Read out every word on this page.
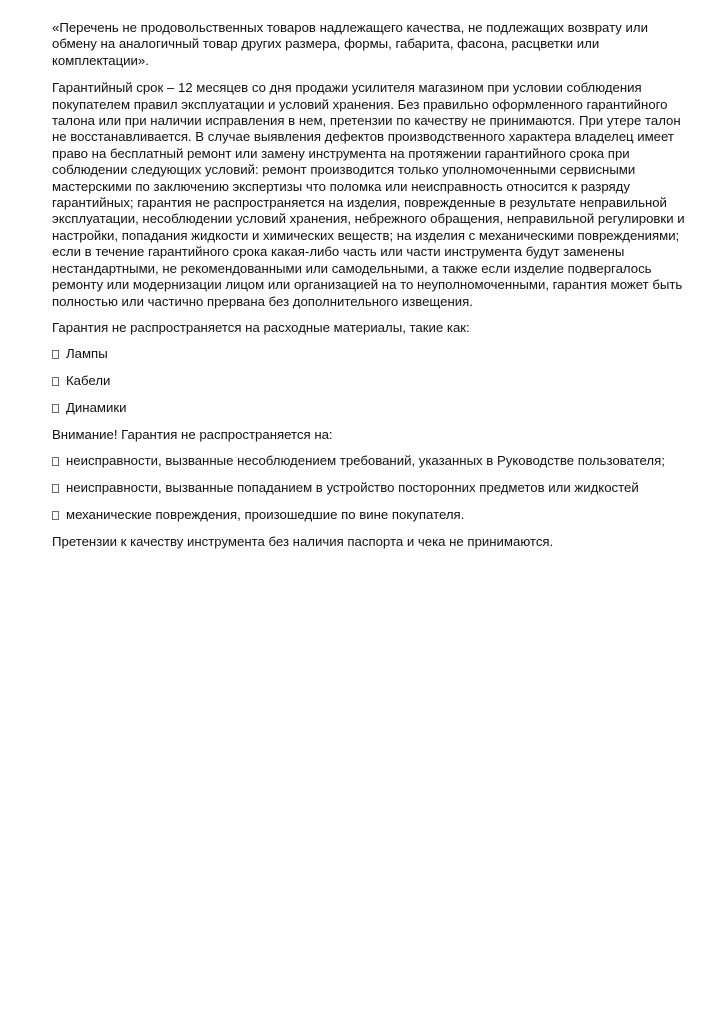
«Перечень не продовольственных товаров надлежащего качества, не подлежащих возврату или обмену на аналогичный товар других размера, формы, габарита, фасона, расцветки или комплектации».

Гарантийный срок – 12 месяцев со дня продажи усилителя магазином при условии соблюдения покупателем правил эксплуатации и условий хранения. Без правильно оформленного гарантийного талона или при наличии исправления в нем, претензии по качеству не принимаются. При утере талон не восстанавливается. В случае выявления дефектов производственного характера владелец имеет право на бесплатный ремонт или замену инструмента на протяжении гарантийного срока при соблюдении следующих условий: ремонт производится только уполномоченными сервисными мастерскими по заключению экспертизы что поломка или неисправность относится к разряду гарантийных; гарантия не распространяется на изделия, поврежденные в результате неправильной эксплуатации, несоблюдении условий хранения, небрежного обращения, неправильной регулировки и настройки, попадания жидкости и химических веществ; на изделия с механическими повреждениями; если в течение гарантийного срока какая-либо часть или части инструмента будут заменены нестандартными, не рекомендованными или самодельными, а также если изделие подвергалось ремонту или модернизации лицом или организацией на то неуполномоченными, гарантия может быть полностью или частично прервана без дополнительного извещения.

Гарантия не распространяется на расходные материалы, такие как:

Лампы
Кабели
Динамики

Внимание! Гарантия не распространяется на:

неисправности, вызванные несоблюдением требований, указанных в Руководстве пользователя;
неисправности, вызванные попаданием в устройство посторонних предметов или жидкостей
механические повреждения, произошедшие по вине покупателя.

Претензии к качеству инструмента без наличия паспорта и чека не принимаются.
